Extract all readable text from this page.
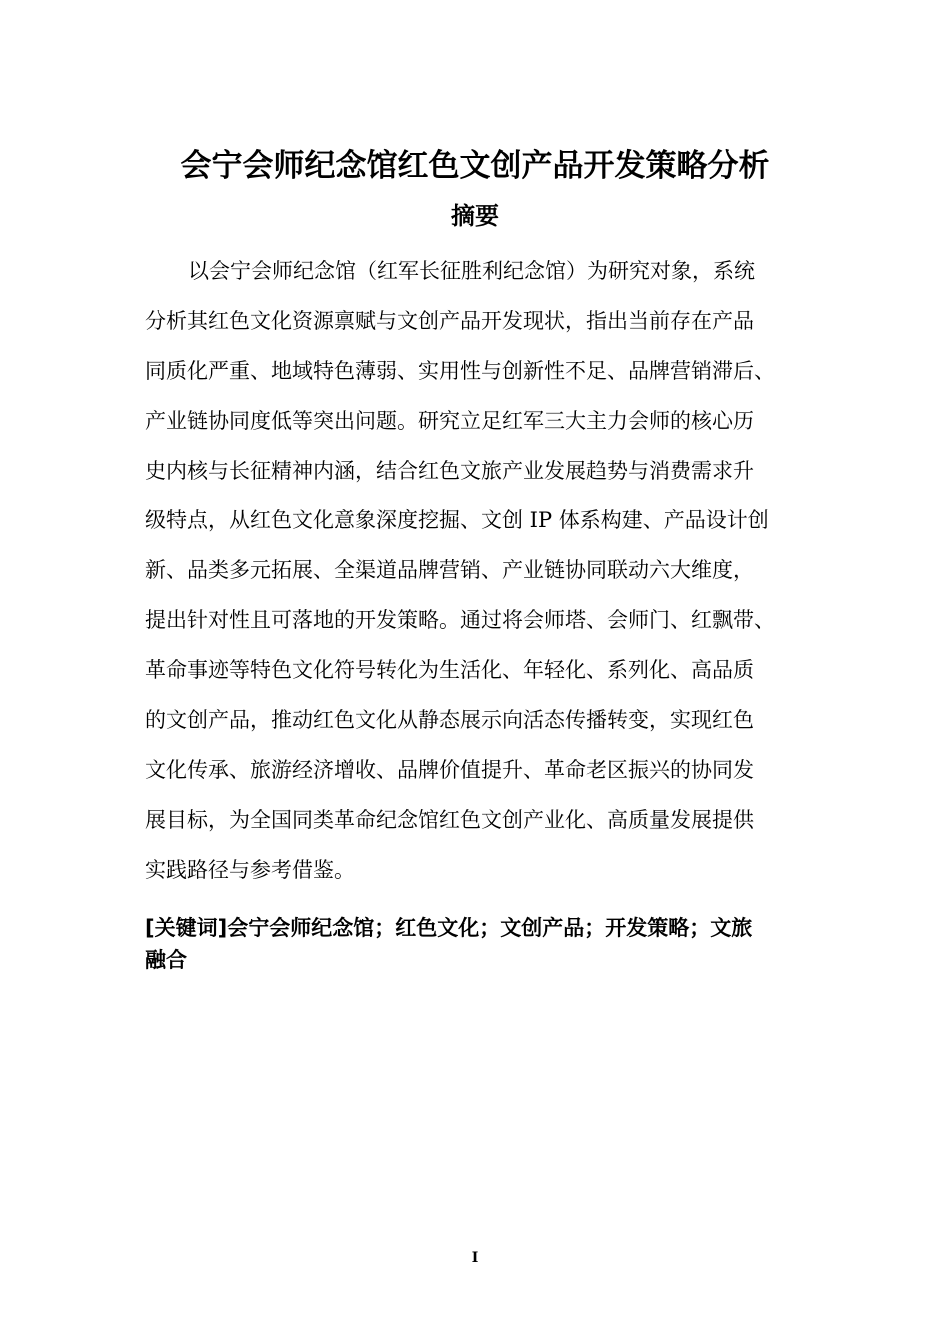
会宁会师纪念馆红色文创产品开发策略分析
摘要
以会宁会师纪念馆（红军长征胜利纪念馆）为研究对象，系统
分析其红色文化资源禀赋与文创产品开发现状，指出当前存在产品
同质化严重、地域特色薄弱、实用性与创新性不足、品牌营销滞后、
产业链协同度低等突出问题。研究立足红军三大主力会师的核心历
史内核与长征精神内涵，结合红色文旅产业发展趋势与消费需求升
级特点，从红色文化意象深度挖掘、文创 IP 体系构建、产品设计创
新、品类多元拓展、全渠道品牌营销、产业链协同联动六大维度，
提出针对性且可落地的开发策略。通过将会师塔、会师门、红飘带、
革命事迹等特色文化符号转化为生活化、年轻化、系列化、高品质
的文创产品，推动红色文化从静态展示向活态传播转变，实现红色
文化传承、旅游经济增收、品牌价值提升、革命老区振兴的协同发
展目标，为全国同类革命纪念馆红色文创产业化、高质量发展提供
实践路径与参考借鉴。
[关键词]会宁会师纪念馆；红色文化；文创产品；开发策略；文旅
融合
I
